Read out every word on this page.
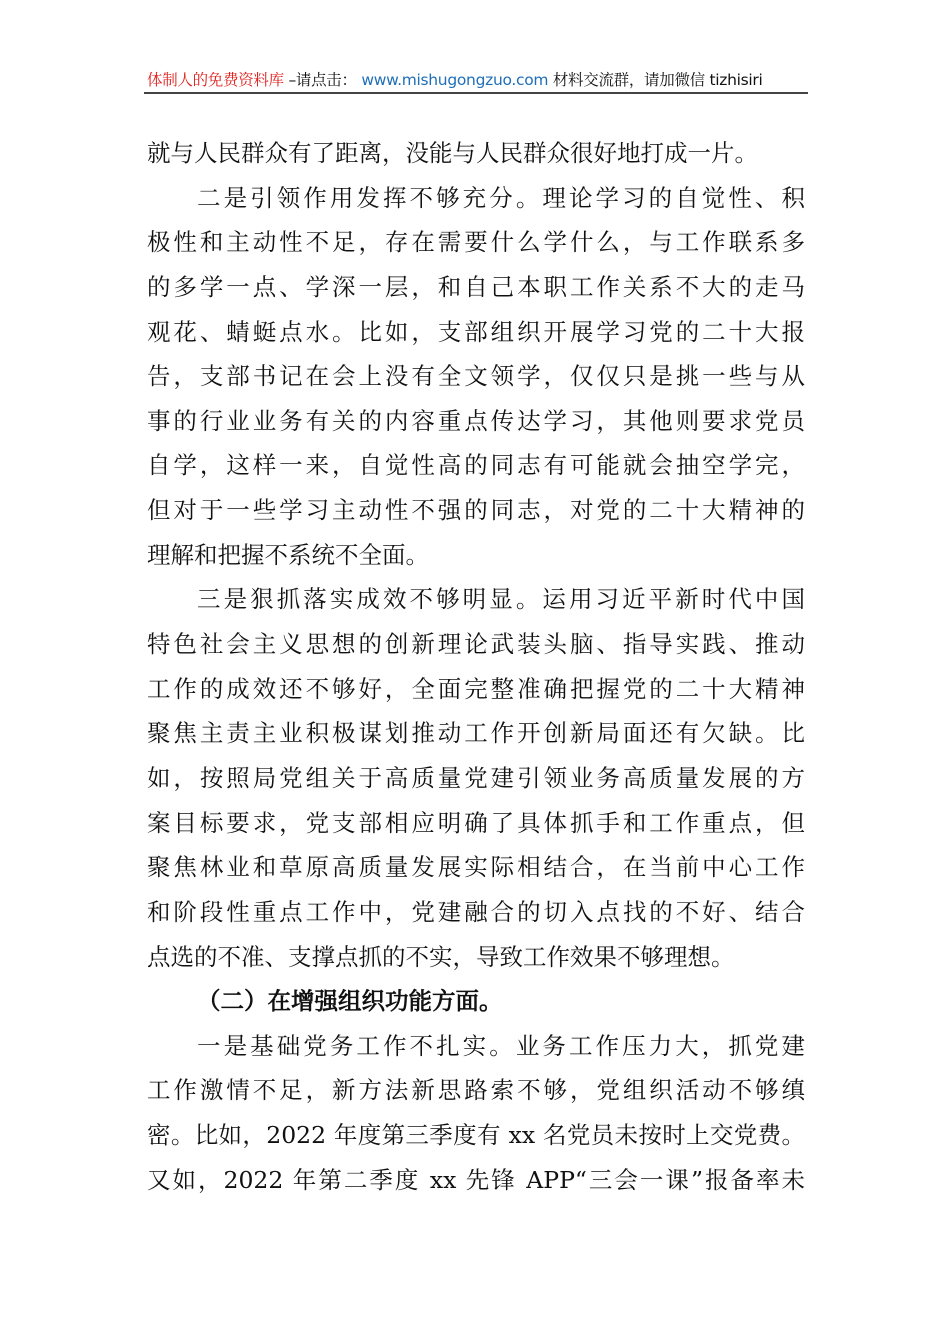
体制人的免费资料库 –请点击： www.mishugongzuo.com 材料交流群，请加微信 tizhisiri
就与人民群众有了距离，没能与人民群众很好地打成一片。
二是引领作用发挥不够充分。理论学习的自觉性、积
极性和主动性不足，存在需要什么学什么，与工作联系多
的多学一点、学深一层，和自己本职工作关系不大的走马
观花、蜻蜓点水。比如，支部组织开展学习党的二十大报
告，支部书记在会上没有全文领学，仅仅只是挑一些与从
事的行业业务有关的内容重点传达学习，其他则要求党员
自学，这样一来，自觉性高的同志有可能就会抽空学完，
但对于一些学习主动性不强的同志，对党的二十大精神的
理解和把握不系统不全面。
三是狠抓落实成效不够明显。运用习近平新时代中国
特色社会主义思想的创新理论武装头脑、指导实践、推动
工作的成效还不够好，全面完整准确把握党的二十大精神
聚焦主责主业积极谋划推动工作开创新局面还有欠缺。比
如，按照局党组关于高质量党建引领业务高质量发展的方
案目标要求，党支部相应明确了具体抓手和工作重点，但
聚焦林业和草原高质量发展实际相结合，在当前中心工作
和阶段性重点工作中，党建融合的切入点找的不好、结合
点选的不准、支撑点抓的不实，导致工作效果不够理想。
（二）在增强组织功能方面。
一是基础党务工作不扎实。业务工作压力大，抓党建
工作激情不足，新方法新思路索不够，党组织活动不够缜
密。比如，2022 年度第三季度有 xx 名党员未按时上交党费。
又如，2022 年第二季度 xx 先锋 APP“三会一课”报备率未
